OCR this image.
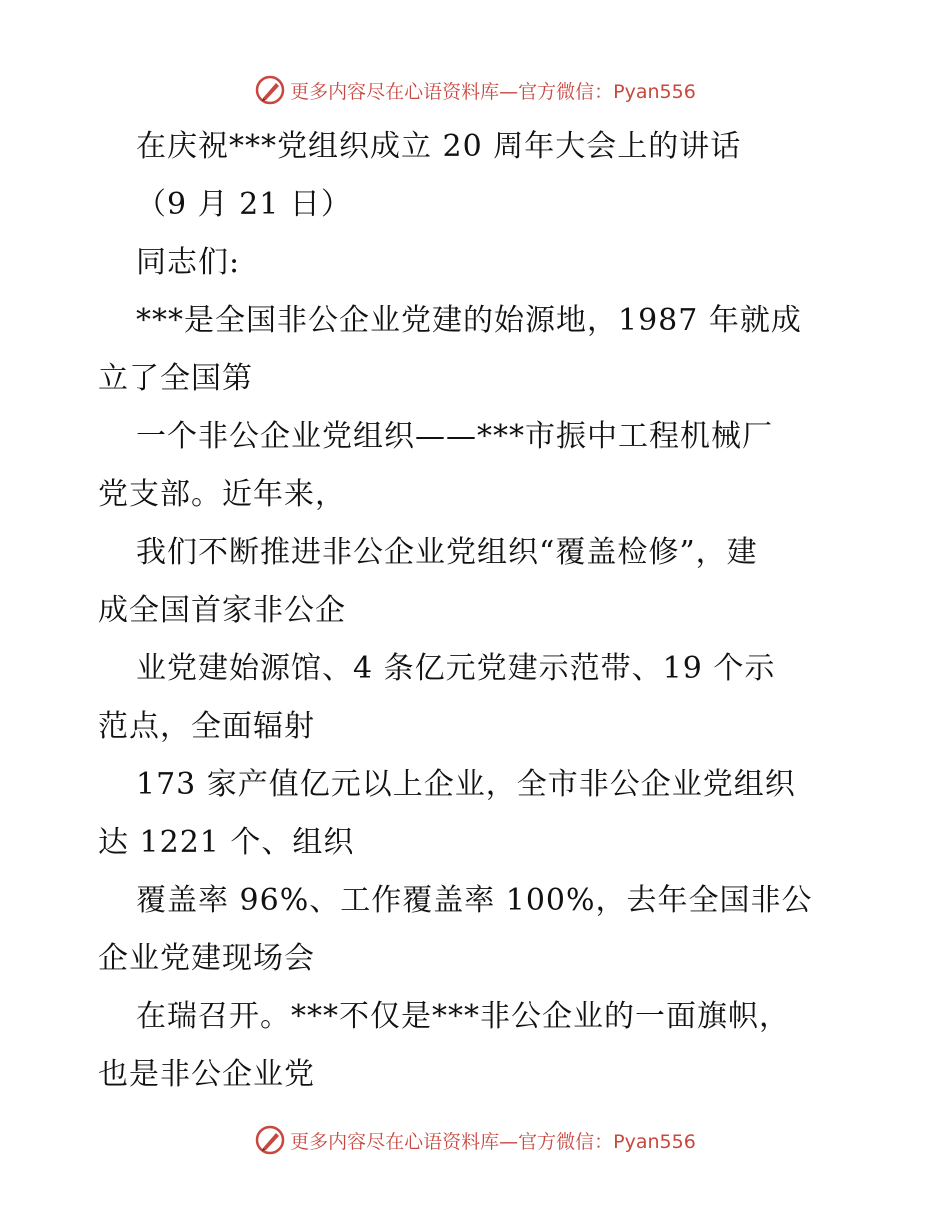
更多内容尽在心语资料库—官方微信：Pyan556
在庆祝***党组织成立 20 周年大会上的讲话
（9 月 21 日）
同志们:
***是全国非公企业党建的始源地，1987 年就成
立了全国第
一个非公企业党组织——***市振中工程机械厂
党支部。近年来，
我们不断推进非公企业党组织“覆盖检修”，建
成全国首家非公企
业党建始源馆、4 条亿元党建示范带、19 个示
范点，全面辐射
173 家产值亿元以上企业，全市非公企业党组织
达 1221 个、组织
覆盖率 96%、工作覆盖率 100%，去年全国非公
企业党建现场会
在瑞召开。***不仅是***非公企业的一面旗帜，
也是非公企业党
更多内容尽在心语资料库—官方微信：Pyan556
